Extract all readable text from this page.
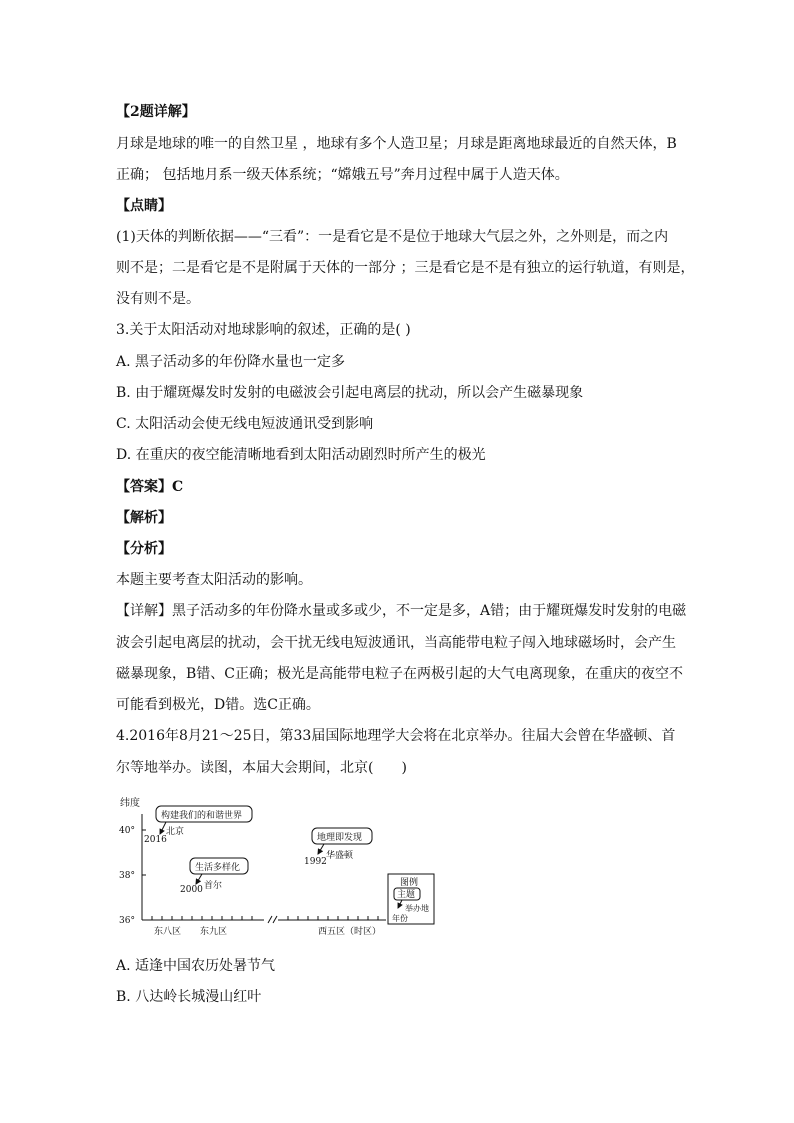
【2题详解】
月球是地球的唯一的自然卫星 ，地球有多个人造卫星；月球是距离地球最近的自然天体，B
正确； 包括地月系一级天体系统；“嫦娥五号”奔月过程中属于人造天体。
【点睛】
(1)天体的判断依据——“三看”：一是看它是不是位于地球大气层之外，之外则是，而之内
则不是；二是看它是不是附属于天体的一部分 ；三是看它是不是有独立的运行轨道，有则是，
没有则不是。
3.关于太阳活动对地球影响的叙述，正确的是( )
A. 黑子活动多的年份降水量也一定多
B. 由于耀斑爆发时发射的电磁波会引起电离层的扰动，所以会产生磁暴现象
C. 太阳活动会使无线电短波通讯受到影响
D. 在重庆的夜空能清晰地看到太阳活动剧烈时所产生的极光
【答案】C
【解析】
【分析】
本题主要考查太阳活动的影响。
【详解】黑子活动多的年份降水量或多或少，不一定是多，A错；由于耀斑爆发时发射的电磁
波会引起电离层的扰动，会干扰无线电短波通讯，当高能带电粒子闯入地球磁场时，会产生
磁暴现象，B错、C正确；极光是高能带电粒子在两极引起的大气电离现象，在重庆的夜空不
可能看到极光，D错。选C正确。
4.2016年8月21～25日，第33届国际地理学大会将在北京举办。往届大会曾在华盛顿、首
尔等地举办。读图，本届大会期间，北京(　　)
纬度
40°
38°
36°
东八区 东九区	西五区（时区）
构建我们的和谐世界
北京
2016
生活多样化
首尔
2000
地理即发现
华盛顿
1992
图例
主题
举办地
年份
A. 适逢中国农历处暑节气
B. 八达岭长城漫山红叶
